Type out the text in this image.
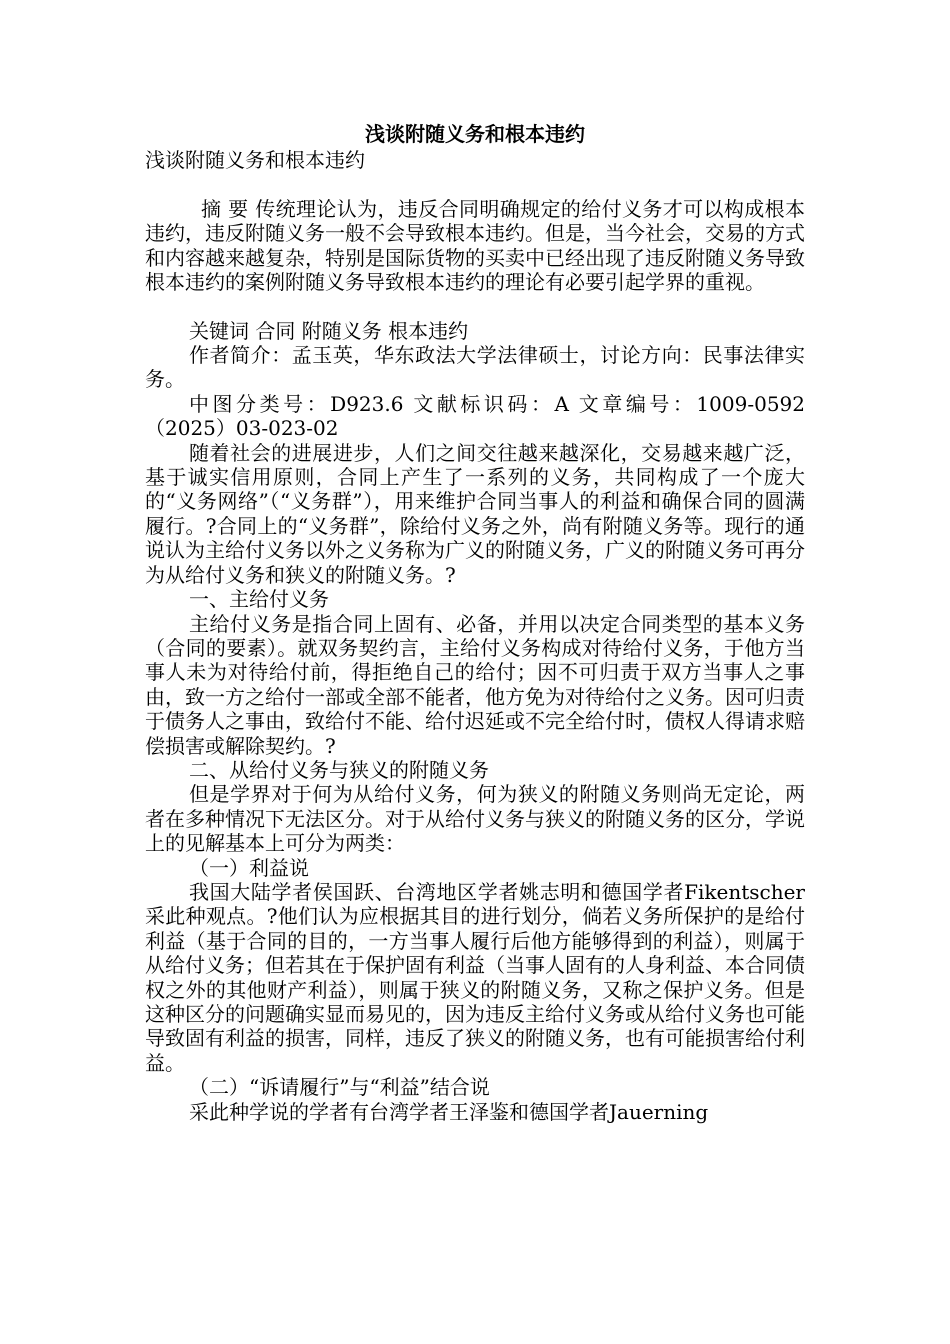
浅谈附随义务和根本违约

浅谈附随义务和根本违约

摘 要 传统理论认为，违反合同明确规定的给付义务才可以构成根本违约，违反附随义务一般不会导致根本违约。但是，当今社会，交易的方式和内容越来越复杂，特别是国际货物的买卖中已经出现了违反附随义务导致根本违约的案例附随义务导致根本违约的理论有必要引起学界的重视。

关键词 合同 附随义务 根本违约

作者简介：孟玉英，华东政法大学法律硕士，讨论方向：民事法律实务。

中图分类号：D923.6 文献标识码：A 文章编号：1009-0592（2025）03-023-02

随着社会的进展进步，人们之间交往越来越深化，交易越来越广泛，基于诚实信用原则，合同上产生了一系列的义务，共同构成了一个庞大的“义务网络”（“义务群”），用来维护合同当事人的利益和确保合同的圆满履行。?合同上的“义务群”，除给付义务之外，尚有附随义务等。现行的通说认为主给付义务以外之义务称为广义的附随义务，广义的附随义务可再分为从给付义务和狭义的附随义务。?

一、主给付义务

主给付义务是指合同上固有、必备，并用以决定合同类型的基本义务（合同的要素）。就双务契约言，主给付义务构成对待给付义务，于他方当事人未为对待给付前，得拒绝自己的给付；因不可归责于双方当事人之事由，致一方之给付一部或全部不能者，他方免为对待给付之义务。因可归责于债务人之事由，致给付不能、给付迟延或不完全给付时，债权人得请求赔偿损害或解除契约。?

二、从给付义务与狭义的附随义务

但是学界对于何为从给付义务，何为狭义的附随义务则尚无定论，两者在多种情况下无法区分。对于从给付义务与狭义的附随义务的区分，学说上的见解基本上可分为两类：

（一）利益说

我国大陆学者侯国跃、台湾地区学者姚志明和德国学者Fikentscher采此种观点。?他们认为应根据其目的进行划分，倘若义务所保护的是给付利益（基于合同的目的，一方当事人履行后他方能够得到的利益），则属于从给付义务；但若其在于保护固有利益（当事人固有的人身利益、本合同债权之外的其他财产利益），则属于狭义的附随义务，又称之保护义务。但是这种区分的问题确实显而易见的，因为违反主给付义务或从给付义务也可能导致固有利益的损害，同样，违反了狭义的附随义务，也有可能损害给付利益。

（二）“诉请履行”与“利益”结合说

采此种学说的学者有台湾学者王泽鉴和德国学者Jauerning
